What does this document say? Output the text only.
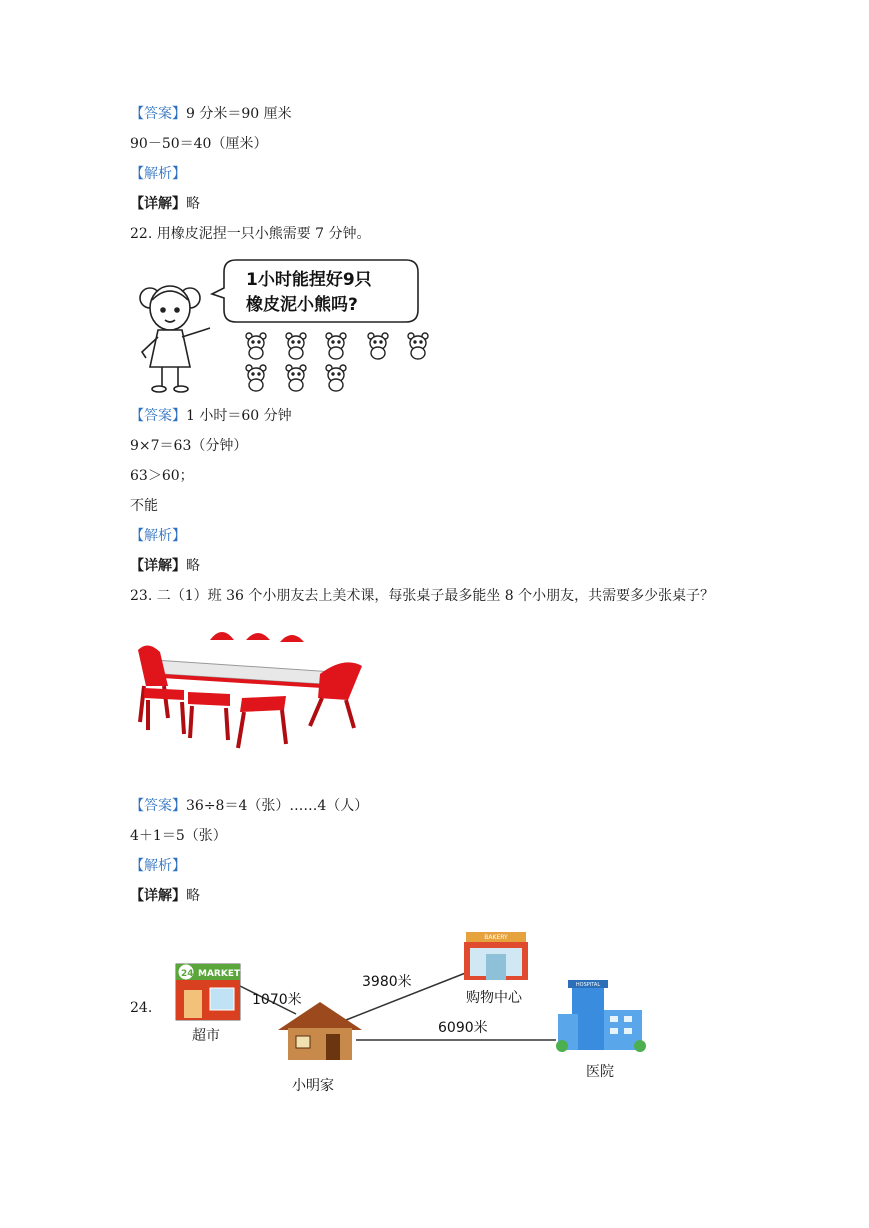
【答案】9 分米＝90 厘米
90－50＝40（厘米）
【解析】
【详解】略
22. 用橡皮泥捏一只小熊需要 7 分钟。
1小时能捏好9只
橡皮泥小熊吗?
【答案】1 小时＝60 分钟
9×7＝63（分钟）
63＞60；
不能
【解析】
【详解】略
23. 二（1）班 36 个小朋友去上美术课，每张桌子最多能坐 8 个小朋友，共需要多少张桌子？
【答案】36÷8＝4（张）……4（人）
4＋1＝5（张）
【解析】
【详解】略
24.
24 MARKET
超市
小明家
BAKERY
购物中心
HOSPITAL
医院
1070米
3980米
6090米
